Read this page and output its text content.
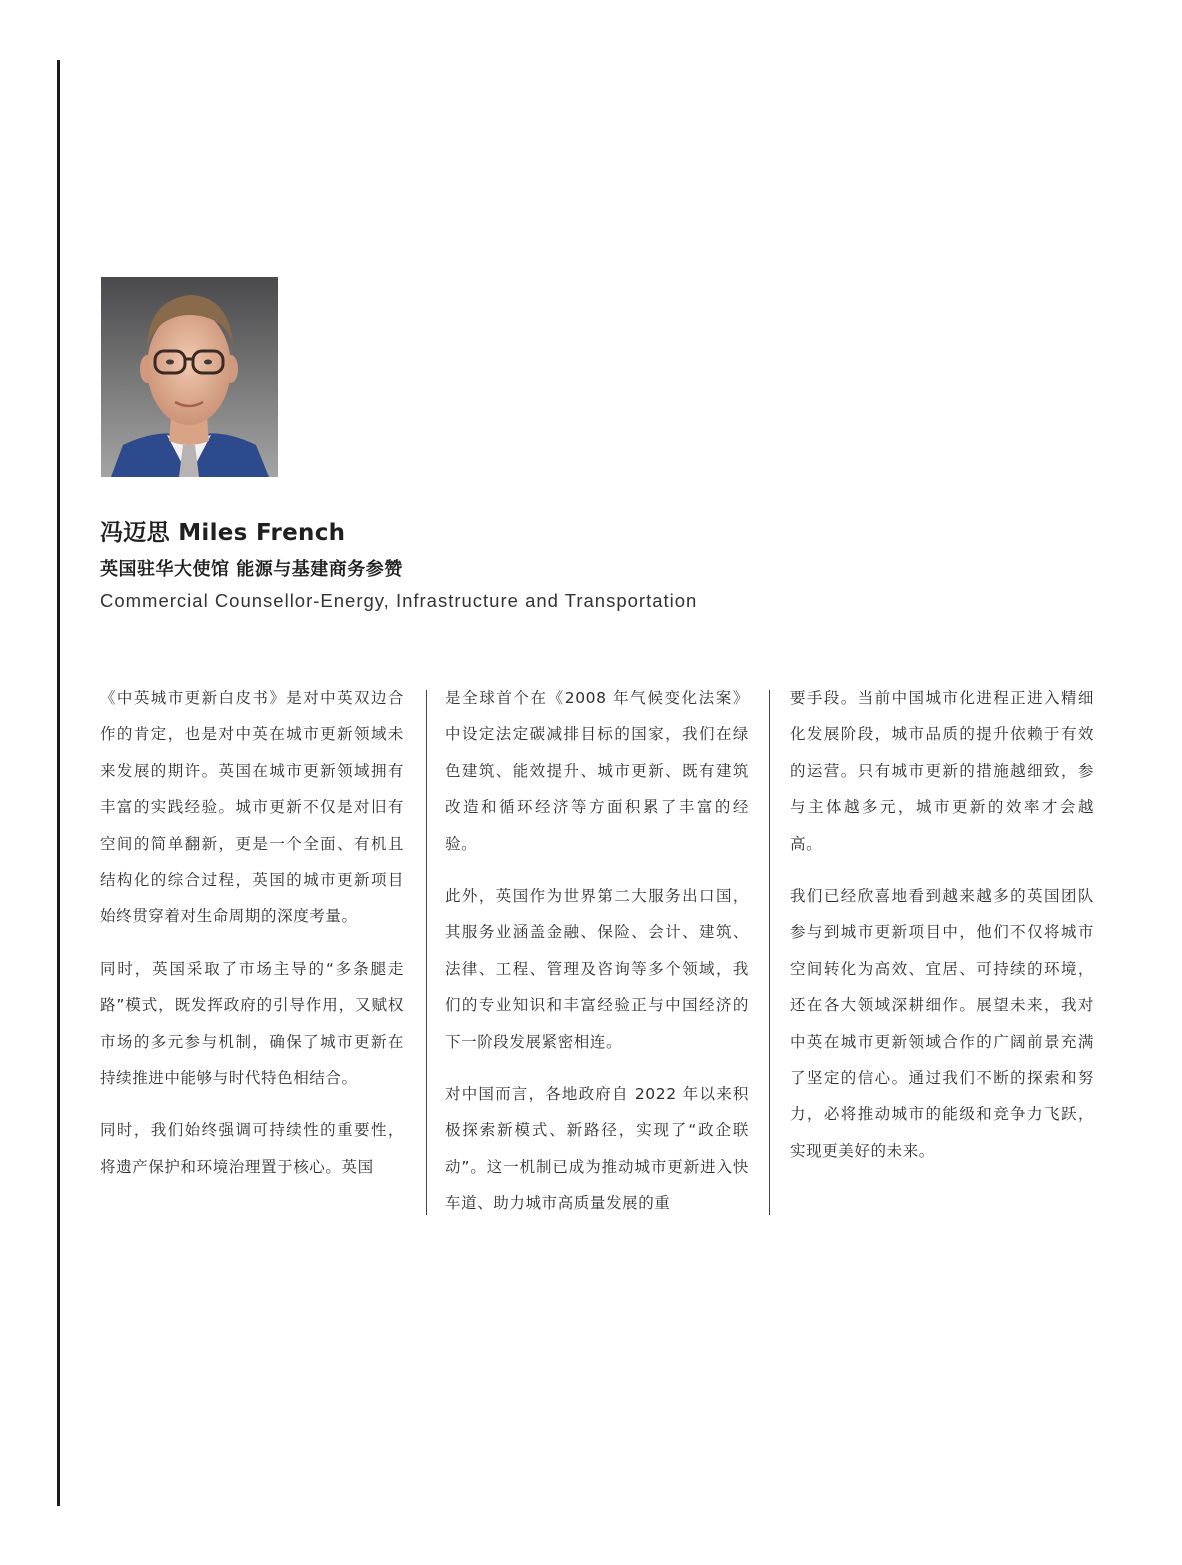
冯迈思 Miles French
英国驻华大使馆 能源与基建商务参赞
Commercial Counsellor-Energy, Infrastructure and Transportation

《中英城市更新白皮书》是对中英双边合作的肯定，也是对中英在城市更新领域未来发展的期许。英国在城市更新领域拥有丰富的实践经验。城市更新不仅是对旧有空间的简单翻新，更是一个全面、有机且结构化的综合过程，英国的城市更新项目始终贯穿着对生命周期的深度考量。

同时，英国采取了市场主导的“多条腿走路”模式，既发挥政府的引导作用，又赋权市场的多元参与机制，确保了城市更新在持续推进中能够与时代特色相结合。

同时，我们始终强调可持续性的重要性，将遗产保护和环境治理置于核心。英国

是全球首个在《2008 年气候变化法案》中设定法定碳减排目标的国家，我们在绿色建筑、能效提升、城市更新、既有建筑改造和循环经济等方面积累了丰富的经验。

此外，英国作为世界第二大服务出口国，其服务业涵盖金融、保险、会计、建筑、法律、工程、管理及咨询等多个领域，我们的专业知识和丰富经验正与中国经济的下一阶段发展紧密相连。

对中国而言，各地政府自 2022 年以来积极探索新模式、新路径，实现了“政企联动”。这一机制已成为推动城市更新进入快车道、助力城市高质量发展的重

要手段。当前中国城市化进程正进入精细化发展阶段，城市品质的提升依赖于有效的运营。只有城市更新的措施越细致，参与主体越多元，城市更新的效率才会越高。

我们已经欣喜地看到越来越多的英国团队参与到城市更新项目中，他们不仅将城市空间转化为高效、宜居、可持续的环境，还在各大领域深耕细作。展望未来，我对中英在城市更新领域合作的广阔前景充满了坚定的信心。通过我们不断的探索和努力，必将推动城市的能级和竞争力飞跃，实现更美好的未来。
